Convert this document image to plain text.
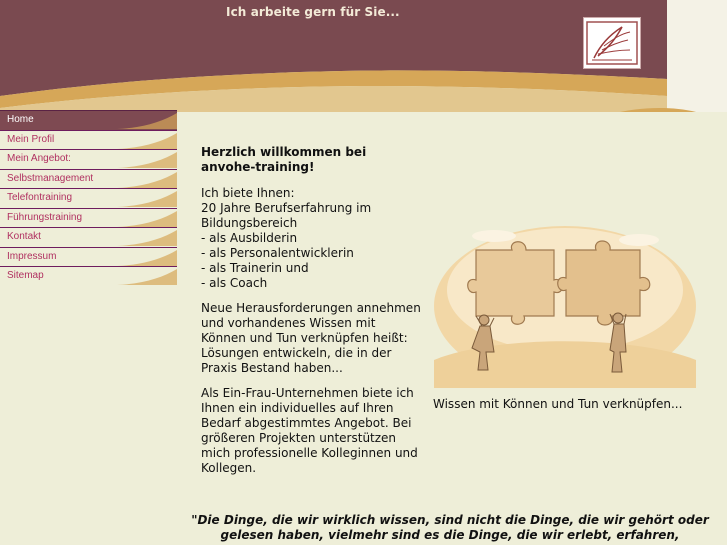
Ich arbeite gern für Sie...
Home
Mein Profil
Mein Angebot:
Selbstmanagement
Telefontraining
Führungstraining
Kontakt
Impressum
Sitemap
Herzlich willkommen bei anvohe-training!

Ich biete Ihnen:
20 Jahre Berufserfahrung im Bildungsbereich
- als Ausbilderin
- als Personalentwicklerin
- als Trainerin und
- als Coach

Neue Herausforderungen annehmen und vorhandenes Wissen mit Können und Tun verknüpfen heißt: Lösungen entwickeln, die in der Praxis Bestand haben...

Als Ein-Frau-Unternehmen biete ich Ihnen ein individuelles auf Ihren Bedarf abgestimmtes Angebot. Bei größeren Projekten unterstützen mich professionelle Kolleginnen und Kollegen.

Wissen mit Können und Tun verknüpfen...
"Die Dinge, die wir wirklich wissen, sind nicht die Dinge, die wir gehört oder gelesen haben, vielmehr sind es die Dinge, die wir erlebt, erfahren,
